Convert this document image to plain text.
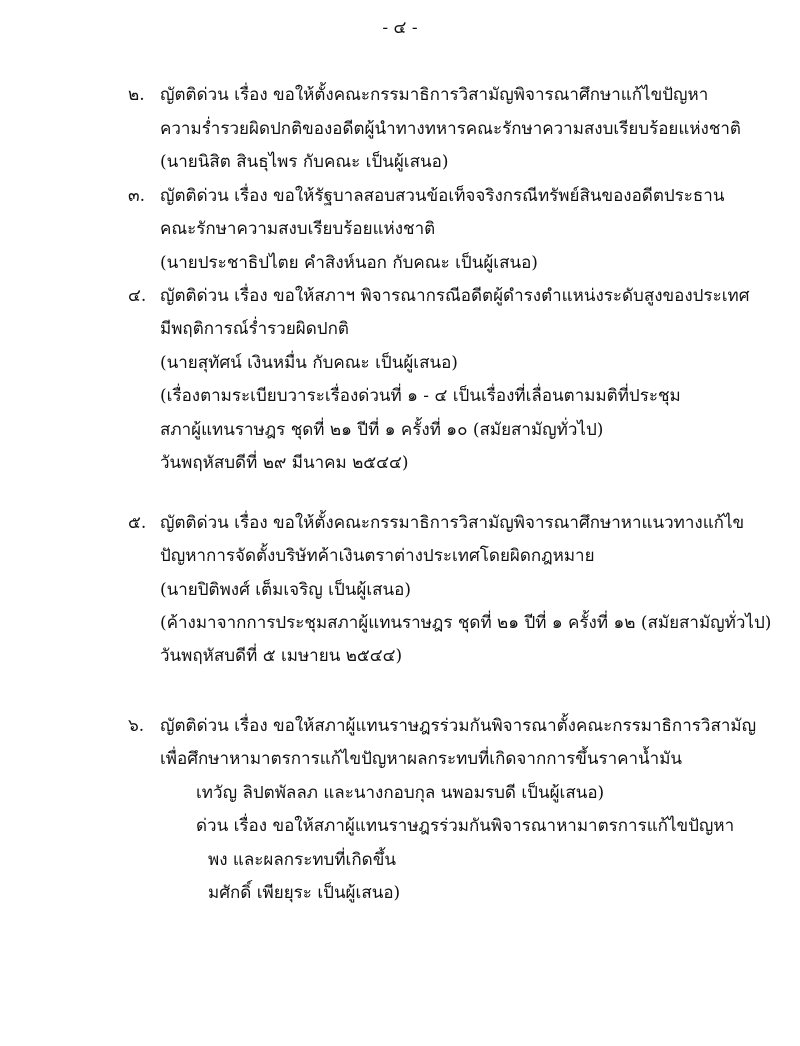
- ๔ -
๒. ญัตติด่วน เรื่อง ขอให้ตั้งคณะกรรมาธิการวิสามัญพิจารณาศึกษาแก้ไขปัญหา
ความร่ำรวยผิดปกติของอดีตผู้นำทางทหารคณะรักษาความสงบเรียบร้อยแห่งชาติ
(นายนิสิต สินธุไพร กับคณะ เป็นผู้เสนอ)
๓. ญัตติด่วน เรื่อง ขอให้รัฐบาลสอบสวนข้อเท็จจริงกรณีทรัพย์สินของอดีตประธาน
คณะรักษาความสงบเรียบร้อยแห่งชาติ
(นายประชาธิปไตย คำสิงห์นอก กับคณะ เป็นผู้เสนอ)
๔. ญัตติด่วน เรื่อง ขอให้สภาฯ พิจารณากรณีอดีตผู้ดำรงตำแหน่งระดับสูงของประเทศ
มีพฤติการณ์ร่ำรวยผิดปกติ
(นายสุทัศน์ เงินหมื่น กับคณะ เป็นผู้เสนอ)
(เรื่องตามระเบียบวาระเรื่องด่วนที่ ๑ - ๔ เป็นเรื่องที่เลื่อนตามมติที่ประชุม
สภาผู้แทนราษฎร ชุดที่ ๒๑ ปีที่ ๑ ครั้งที่ ๑๐ (สมัยสามัญทั่วไป)
วันพฤหัสบดีที่ ๒๙ มีนาคม ๒๕๔๔)
๕. ญัตติด่วน เรื่อง ขอให้ตั้งคณะกรรมาธิการวิสามัญพิจารณาศึกษาหาแนวทางแก้ไข
ปัญหาการจัดตั้งบริษัทค้าเงินตราต่างประเทศโดยผิดกฎหมาย
(นายปิติพงศ์ เต็มเจริญ เป็นผู้เสนอ)
(ค้างมาจากการประชุมสภาผู้แทนราษฎร ชุดที่ ๒๑ ปีที่ ๑ ครั้งที่ ๑๒ (สมัยสามัญทั่วไป)
วันพฤหัสบดีที่ ๕ เมษายน ๒๕๔๔)
๖. ญัตติด่วน เรื่อง ขอให้สภาผู้แทนราษฎรร่วมกันพิจารณาตั้งคณะกรรมาธิการวิสามัญ
เพื่อศึกษาหามาตรการแก้ไขปัญหาผลกระทบที่เกิดจากการขึ้นราคาน้ำมัน
เทวัญ ลิปตพัลลภ และนางกอบกุล นพอมรบดี เป็นผู้เสนอ)
ด่วน เรื่อง ขอให้สภาผู้แทนราษฎรร่วมกันพิจารณาหามาตรการแก้ไขปัญหา
พง และผลกระทบที่เกิดขึ้น
มศักดิ์ เพียยุระ เป็นผู้เสนอ)
